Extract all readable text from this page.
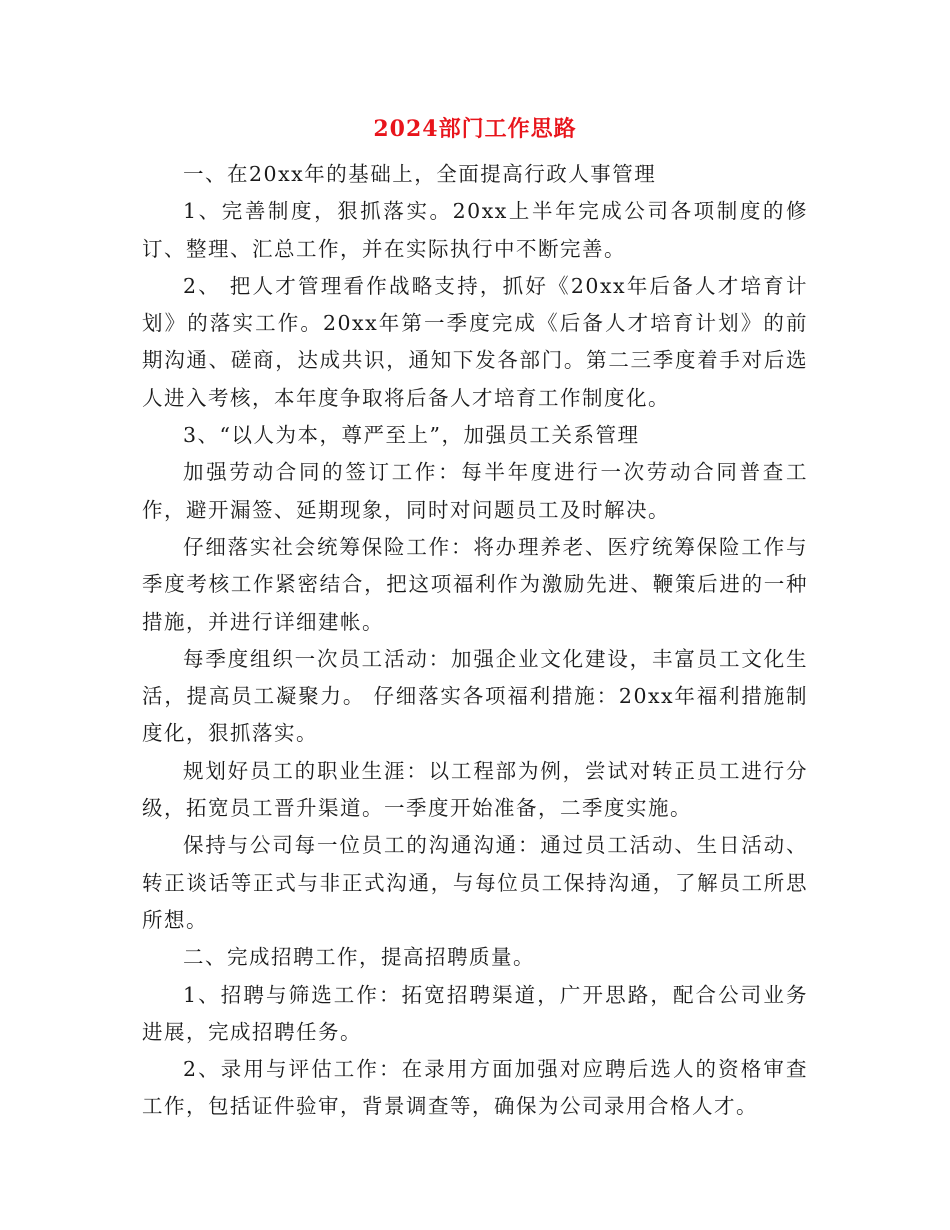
2024部门工作思路

一、在20xx年的基础上，全面提高行政人事管理

1、完善制度，狠抓落实。20xx上半年完成公司各项制度的修订、整理、汇总工作，并在实际执行中不断完善。

2、 把人才管理看作战略支持，抓好《20xx年后备人才培育计划》的落实工作。20xx年第一季度完成《后备人才培育计划》的前期沟通、磋商，达成共识，通知下发各部门。第二三季度着手对后选人进入考核，本年度争取将后备人才培育工作制度化。

3、“以人为本，尊严至上”，加强员工关系管理

加强劳动合同的签订工作：每半年度进行一次劳动合同普查工作，避开漏签、延期现象，同时对问题员工及时解决。

仔细落实社会统筹保险工作：将办理养老、医疗统筹保险工作与季度考核工作紧密结合，把这项福利作为激励先进、鞭策后进的一种措施，并进行详细建帐。

每季度组织一次员工活动：加强企业文化建设，丰富员工文化生活，提高员工凝聚力。 仔细落实各项福利措施：20xx年福利措施制度化，狠抓落实。

规划好员工的职业生涯：以工程部为例，尝试对转正员工进行分级，拓宽员工晋升渠道。一季度开始准备，二季度实施。

保持与公司每一位员工的沟通沟通：通过员工活动、生日活动、转正谈话等正式与非正式沟通，与每位员工保持沟通，了解员工所思所想。

二、完成招聘工作，提高招聘质量。

1、招聘与筛选工作：拓宽招聘渠道，广开思路，配合公司业务进展，完成招聘任务。

2、录用与评估工作：在录用方面加强对应聘后选人的资格审查工作，包括证件验审，背景调查等，确保为公司录用合格人才。
